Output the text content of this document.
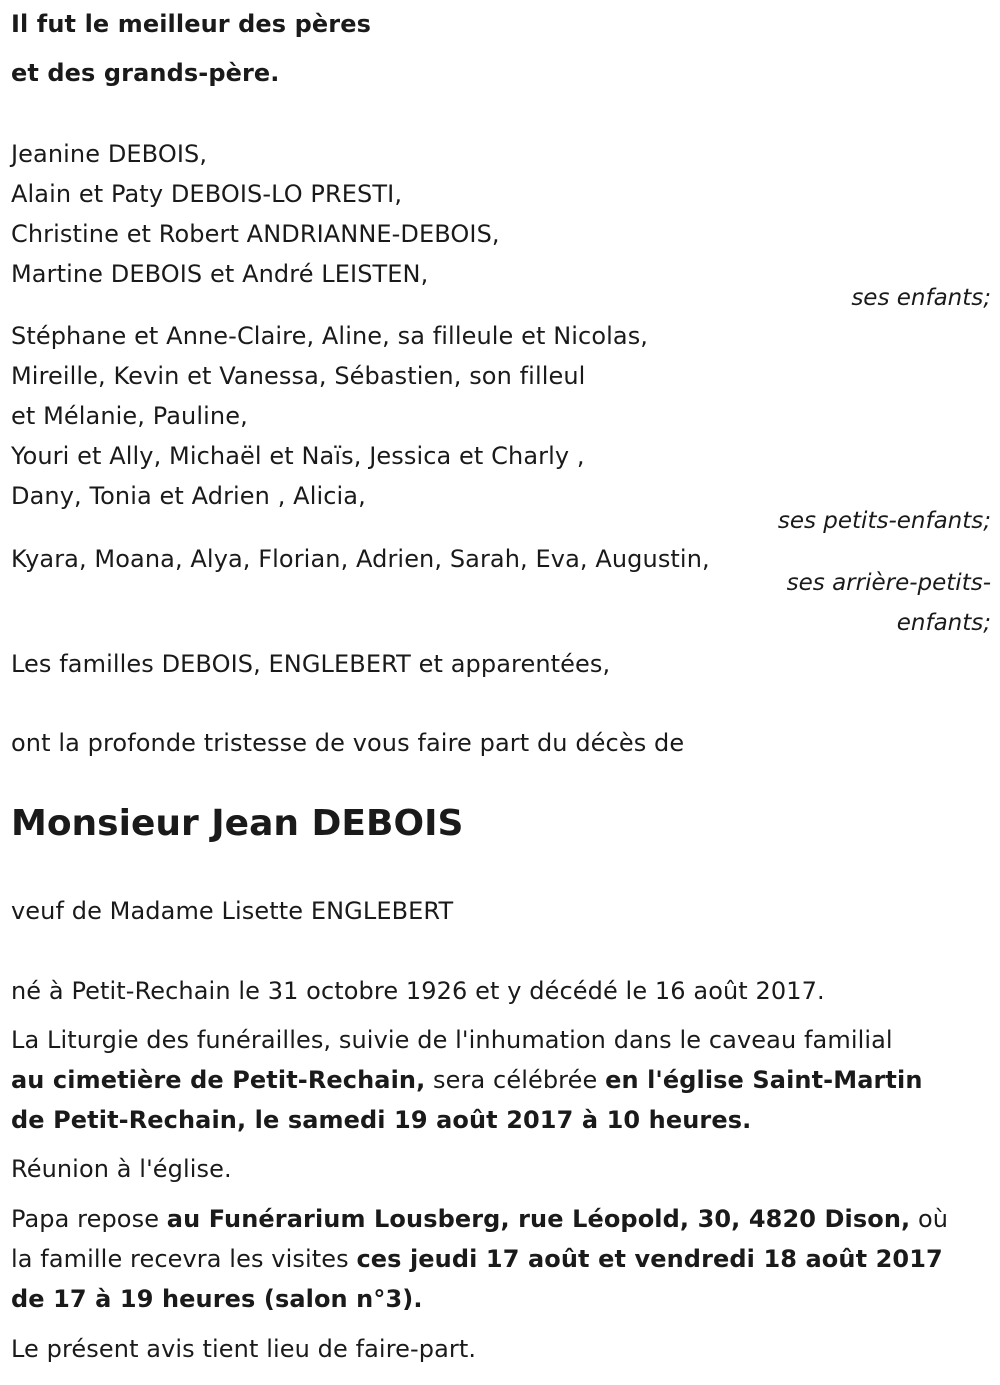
Il fut le meilleur des pères
et des grands-père.
Jeanine DEBOIS,
Alain et Paty DEBOIS-LO PRESTI,
Christine et Robert ANDRIANNE-DEBOIS,
Martine DEBOIS et André LEISTEN,
ses enfants;
Stéphane et Anne-Claire, Aline, sa filleule et Nicolas,
Mireille, Kevin et Vanessa, Sébastien, son filleul
et Mélanie, Pauline,
Youri et Ally, Michaël et Naïs, Jessica et Charly ,
Dany, Tonia et Adrien , Alicia,
ses petits-enfants;
Kyara, Moana, Alya, Florian, Adrien, Sarah, Eva, Augustin,
ses arrière-petits-
enfants;
Les familles DEBOIS, ENGLEBERT et apparentées,
ont la profonde tristesse de vous faire part du décès de
Monsieur Jean DEBOIS
veuf de Madame Lisette ENGLEBERT
né à Petit-Rechain le 31 octobre 1926 et y décédé le 16 août 2017.
La Liturgie des funérailles, suivie de l'inhumation dans le caveau familial
au cimetière de Petit-Rechain, sera célébrée en l'église Saint-Martin
de Petit-Rechain, le samedi 19 août 2017 à 10 heures.
Réunion à l'église.
Papa repose au Funérarium Lousberg, rue Léopold, 30, 4820 Dison, où
la famille recevra les visites ces jeudi 17 août et vendredi 18 août 2017
de 17 à 19 heures (salon n°3).
Le présent avis tient lieu de faire-part.
